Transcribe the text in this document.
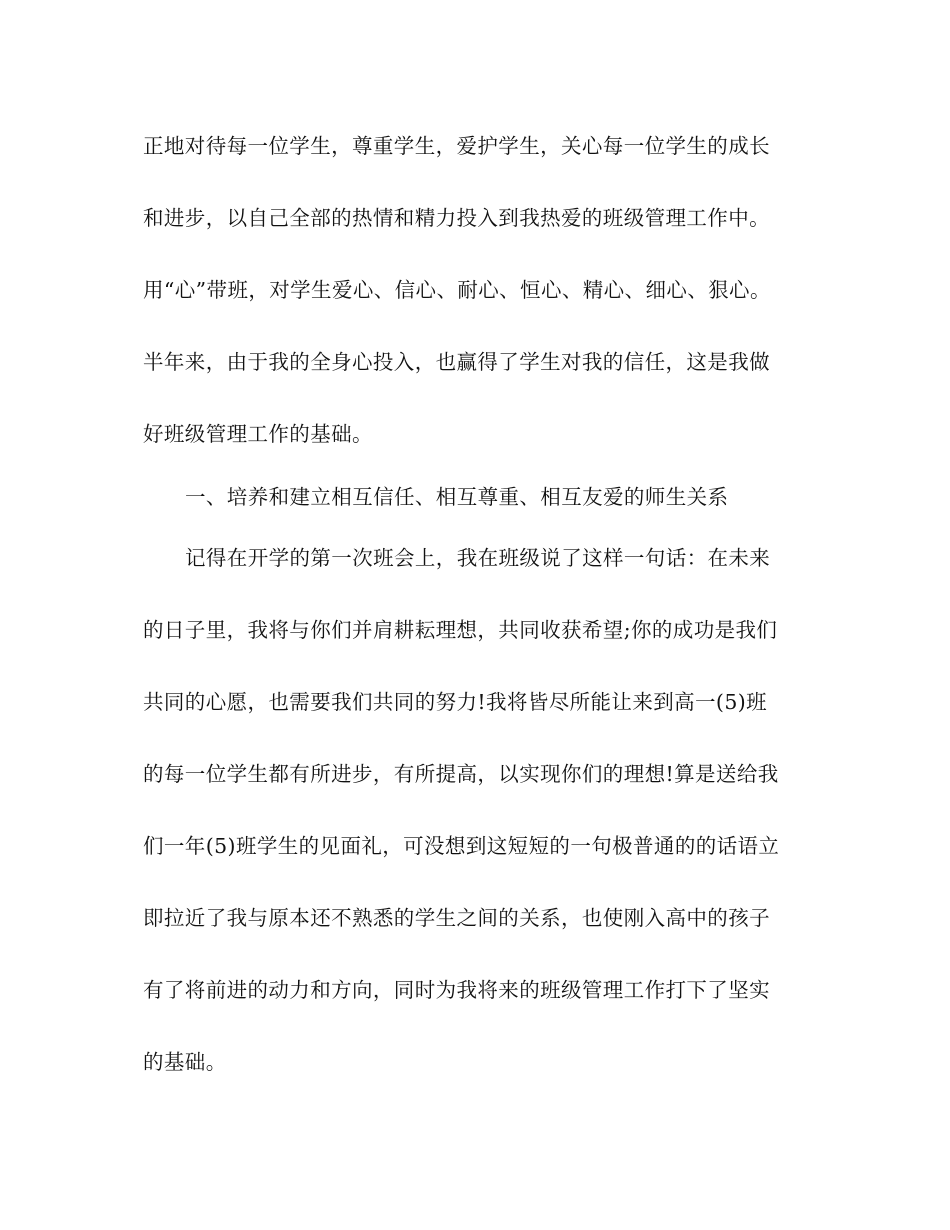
正地对待每一位学生，尊重学生，爱护学生，关心每一位学生的成长
和进步，以自己全部的热情和精力投入到我热爱的班级管理工作中。
用“心”带班，对学生爱心、信心、耐心、恒心、精心、细心、狠心。
半年来，由于我的全身心投入，也赢得了学生对我的信任，这是我做
好班级管理工作的基础。
一、培养和建立相互信任、相互尊重、相互友爱的师生关系
记得在开学的第一次班会上，我在班级说了这样一句话：在未来
的日子里，我将与你们并肩耕耘理想，共同收获希望;你的成功是我们
共同的心愿，也需要我们共同的努力!我将皆尽所能让来到高一(5)班
的每一位学生都有所进步，有所提高，以实现你们的理想!算是送给我
们一年(5)班学生的见面礼，可没想到这短短的一句极普通的的话语立
即拉近了我与原本还不熟悉的学生之间的关系，也使刚入高中的孩子
有了将前进的动力和方向，同时为我将来的班级管理工作打下了坚实
的基础。
